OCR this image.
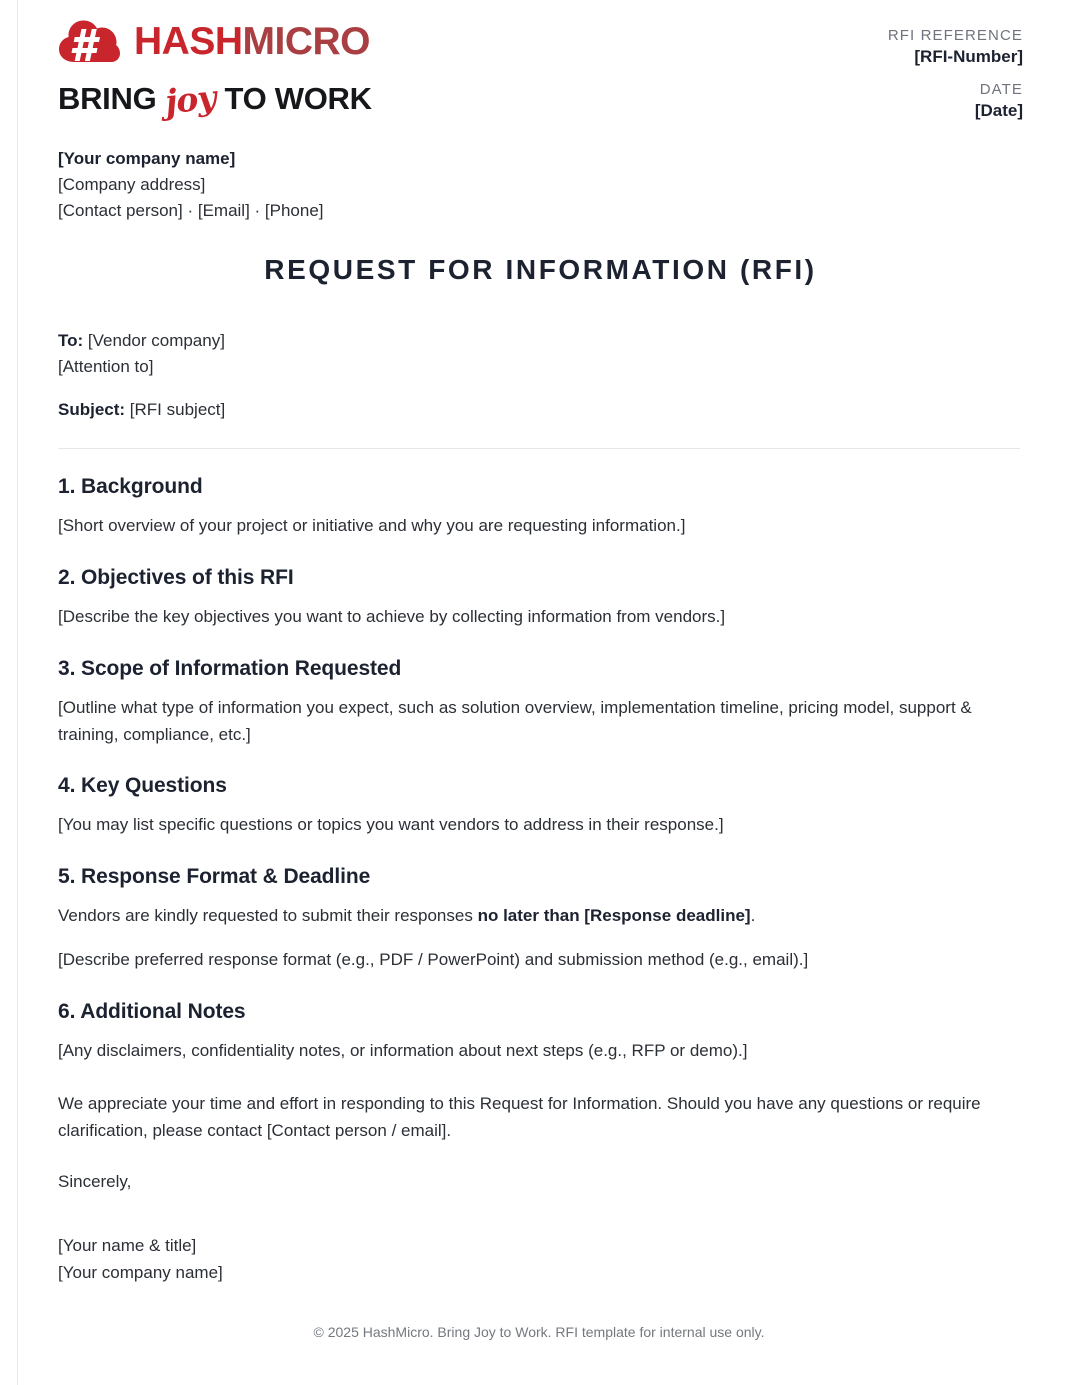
HASHMICRO
BRING joy TO WORK
RFI REFERENCE
[RFI-Number]
DATE
[Date]
[Your company name]
[Company address]
[Contact person] · [Email] · [Phone]
REQUEST FOR INFORMATION (RFI)
To: [Vendor company]
[Attention to]
Subject: [RFI subject]
1. Background

[Short overview of your project or initiative and why you are requesting information.]

2. Objectives of this RFI

[Describe the key objectives you want to achieve by collecting information from vendors.]

3. Scope of Information Requested

[Outline what type of information you expect, such as solution overview, implementation timeline, pricing model, support & training, compliance, etc.]

4. Key Questions

[You may list specific questions or topics you want vendors to address in their response.]

5. Response Format & Deadline

Vendors are kindly requested to submit their responses no later than [Response deadline].

[Describe preferred response format (e.g., PDF / PowerPoint) and submission method (e.g., email).]

6. Additional Notes

[Any disclaimers, confidentiality notes, or information about next steps (e.g., RFP or demo).]

We appreciate your time and effort in responding to this Request for Information. Should you have any questions or require clarification, please contact [Contact person / email].

Sincerely,

[Your name & title]
[Your company name]
© 2025 HashMicro. Bring Joy to Work. RFI template for internal use only.
